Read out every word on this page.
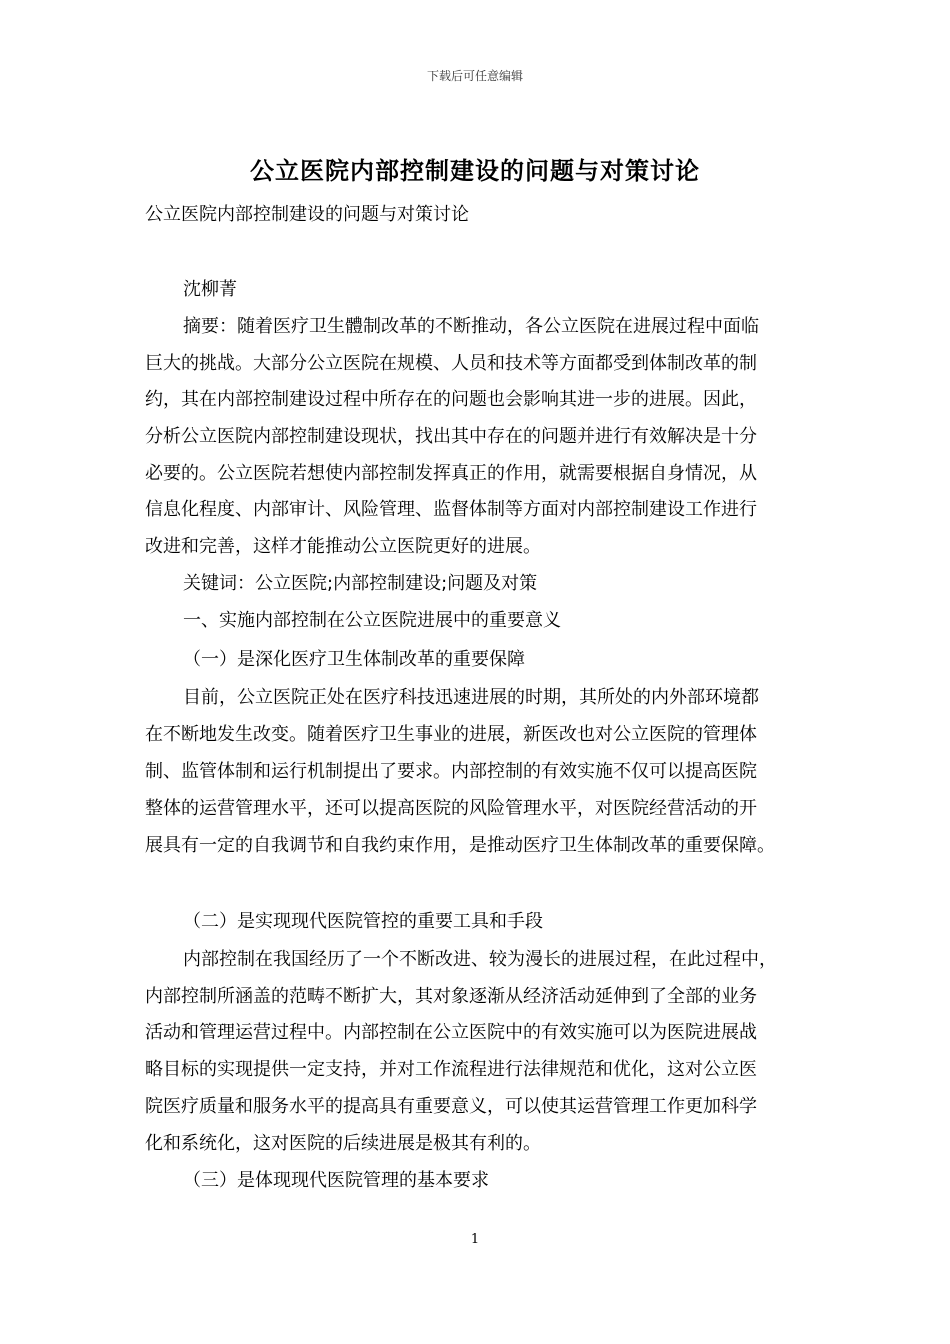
下载后可任意编辑
公立医院内部控制建设的问题与对策讨论
公立医院内部控制建设的问题与对策讨论
沈柳菁
摘要：随着医疗卫生體制改革的不断推动，各公立医院在进展过程中面临
巨大的挑战。大部分公立医院在规模、人员和技术等方面都受到体制改革的制
约，其在内部控制建设过程中所存在的问题也会影响其进一步的进展。因此，
分析公立医院内部控制建设现状，找出其中存在的问题并进行有效解决是十分
必要的。公立医院若想使内部控制发挥真正的作用，就需要根据自身情况，从
信息化程度、内部审计、风险管理、监督体制等方面对内部控制建设工作进行
改进和完善，这样才能推动公立医院更好的进展。
关键词：公立医院;内部控制建设;问题及对策
一、实施内部控制在公立医院进展中的重要意义
（一）是深化医疗卫生体制改革的重要保障
目前，公立医院正处在医疗科技迅速进展的时期，其所处的内外部环境都
在不断地发生改变。随着医疗卫生事业的进展，新医改也对公立医院的管理体
制、监管体制和运行机制提出了要求。内部控制的有效实施不仅可以提高医院
整体的运营管理水平，还可以提高医院的风险管理水平，对医院经营活动的开
展具有一定的自我调节和自我约束作用，是推动医疗卫生体制改革的重要保障。
（二）是实现现代医院管控的重要工具和手段
内部控制在我国经历了一个不断改进、较为漫长的进展过程，在此过程中，
内部控制所涵盖的范畴不断扩大，其对象逐渐从经济活动延伸到了全部的业务
活动和管理运营过程中。内部控制在公立医院中的有效实施可以为医院进展战
略目标的实现提供一定支持，并对工作流程进行法律规范和优化，这对公立医
院医疗质量和服务水平的提高具有重要意义，可以使其运营管理工作更加科学
化和系统化，这对医院的后续进展是极其有利的。
（三）是体现现代医院管理的基本要求
1
